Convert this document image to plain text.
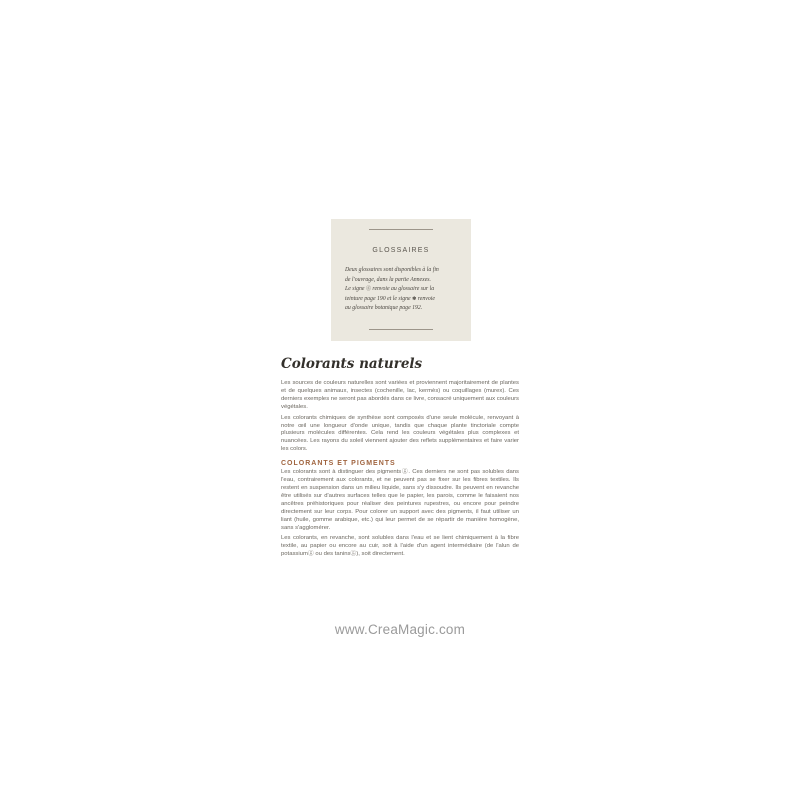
GLOSSAIRES
Deux glossaires sont disponibles à la fin
de l'ouvrage, dans la partie Annexes.
Le signe ⓖ renvoie au glossaire sur la
teinture page 190 et le signe ✽ renvoie
au glossaire botanique page 192.
Colorants naturels

Les sources de couleurs naturelles sont variées et proviennent majoritairement de plantes et de quelques animaux, insectes (cochenille, lac, kermès) ou coquillages (murex). Ces derniers exemples ne seront pas abordés dans ce livre, consacré uniquement aux couleurs végétales.

Les colorants chimiques de synthèse sont composés d'une seule molécule, renvoyant à notre œil une longueur d'onde unique, tandis que chaque plante tinctoriale compte plusieurs molécules différentes. Cela rend les couleurs végétales plus complexes et nuancées. Les rayons du soleil viennent ajouter des reflets supplémentaires et faire varier les colors.

COLORANTS ET PIGMENTS

Les colorants sont à distinguer des pigmentsⓖ. Ces derniers ne sont pas solubles dans l'eau, contrairement aux colorants, et ne peuvent pas se fixer sur les fibres textiles. Ils restent en suspension dans un milieu liquide, sans s'y dissoudre. Ils peuvent en revanche être utilisés sur d'autres surfaces telles que le papier, les parois, comme le faisaient nos ancêtres préhistoriques pour réaliser des peintures rupestres, ou encore pour peindre directement sur leur corps. Pour colorer un support avec des pigments, il faut utiliser un liant (huile, gomme arabique, etc.) qui leur permet de se répartir de manière homogène, sans s'agglomérer.

Les colorants, en revanche, sont solubles dans l'eau et se lient chimiquement à la fibre textile, au papier ou encore au cuir, soit à l'aide d'un agent intermédiaire (de l'alun de potassiumⓖ ou des taninsⓖ), soit directement.

www.CreaMagic.com
